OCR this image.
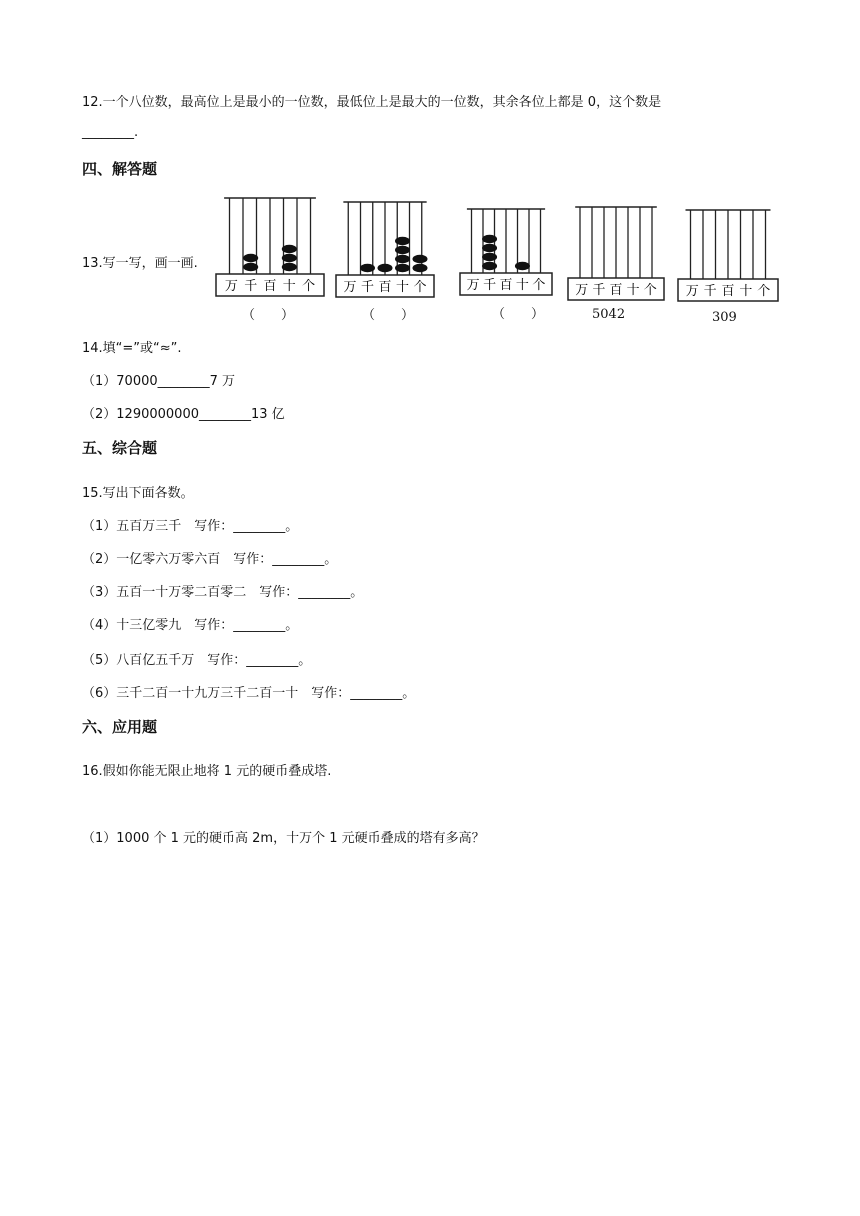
12.一个八位数，最高位上是最小的一位数，最低位上是最大的一位数，其余各位上都是 0，这个数是
________.
四、解答题
13.写一写，画一画.
万 千 百 十 个
（　　）
万 千 百 十 个
（　　）
万 千 百 十 个
（　　）
万 千 百 十 个
5042
万 千 百 十 个
309
14.填“=”或“≈”.
（1）70000________7 万
（2）1290000000________13 亿
五、综合题
15.写出下面各数。
（1）五百万三千　写作：________。
（2）一亿零六万零六百　写作：________。
（3）五百一十万零二百零二　写作：________。
（4）十三亿零九　写作：________。
（5）八百亿五千万　写作：________。
（6）三千二百一十九万三千二百一十　写作：________。
六、应用题
16.假如你能无限止地将 1 元的硬币叠成塔.
（1）1000 个 1 元的硬币高 2m，十万个 1 元硬币叠成的塔有多高？
